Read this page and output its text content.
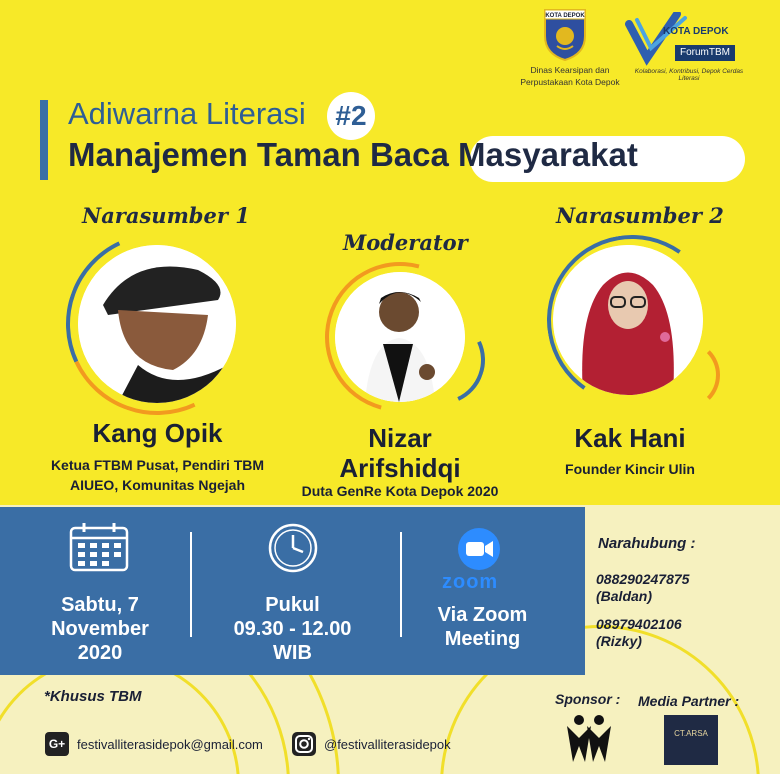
KOTA DEPOK
Dinas Kearsipan dan
Perpustakaan Kota Depok
KOTA DEPOK
ForumTBM
Kolaborasi, Kontribusi, Depok Cerdas Literasi
Adiwarna Literasi	#2
Manajemen Taman Baca Masyarakat
Narasumber 1
Kang Opik
Ketua FTBM Pusat, Pendiri TBM
AIUEO, Komunitas Ngejah
Moderator
Nizar
Arifshidqi
Duta GenRe Kota Depok 2020
Narasumber 2
Kak Hani
Founder Kincir Ulin
Sabtu, 7
November
2020
Pukul
09.30 - 12.00
WIB
zoom
Via Zoom
Meeting
Narahubung :
088290247875
(Baldan)
08979402106
(Rizky)
*Khusus TBM	Sponsor : Media Partner :
CT.ARSA
G+ festivalliterasidepok@gmail.com	@festivalliterasidepok
